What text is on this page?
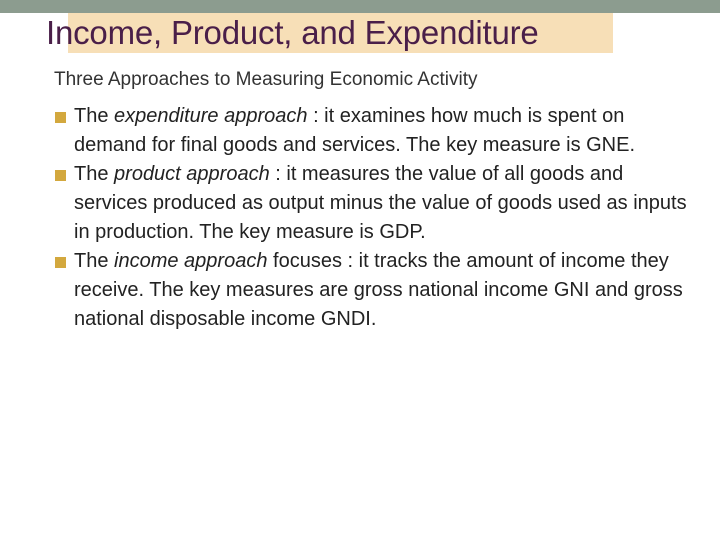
Income, Product, and Expenditure

Three Approaches to Measuring Economic Activity

The expenditure approach : it examines how much is spent on demand for final goods and services. The key measure is GNE.
The product approach : it measures the value of all goods and services produced as output minus the value of goods used as inputs in production. The key measure is GDP.
The income approach focuses : it tracks the amount of income they receive. The key measures are gross national income GNI and gross national disposable income GNDI.
